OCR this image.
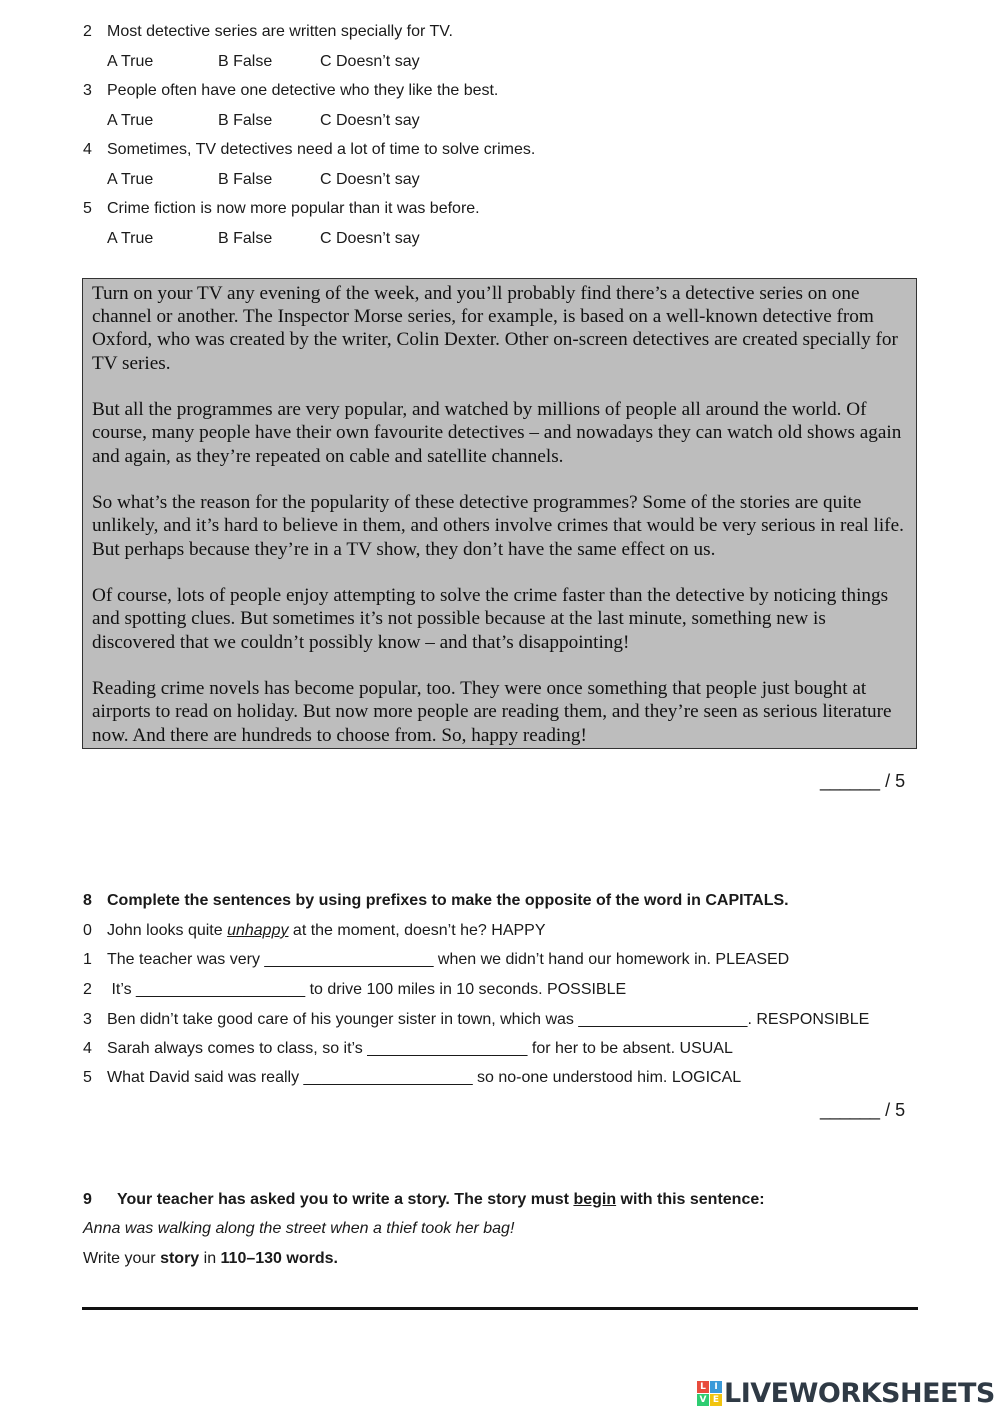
2 Most detective series are written specially for TV.
A True	B False	C Doesn’t say
3 People often have one detective who they like the best.
A True	B False	C Doesn’t say
4 Sometimes, TV detectives need a lot of time to solve crimes.
A True	B False	C Doesn’t say
5 Crime fiction is now more popular than it was before.
A True	B False	C Doesn’t say

Turn on your TV any evening of the week, and you’ll probably find there’s a detective series on one channel or another. The Inspector Morse series, for example, is based on a well-known detective from Oxford, who was created by the writer, Colin Dexter. Other on-screen detectives are created specially for TV series.

But all the programmes are very popular, and watched by millions of people all around the world. Of course, many people have their own favourite detectives – and nowadays they can watch old shows again and again, as they’re repeated on cable and satellite channels.

So what’s the reason for the popularity of these detective programmes? Some of the stories are quite unlikely, and it’s hard to believe in them, and others involve crimes that would be very serious in real life. But perhaps because they’re in a TV show, they don’t have the same effect on us.

Of course, lots of people enjoy attempting to solve the crime faster than the detective by noticing things and spotting clues. But sometimes it’s not possible because at the last minute, something new is discovered that we couldn’t possibly know – and that’s disappointing!

Reading crime novels has become popular, too. They were once something that people just bought at airports to read on holiday. But now more people are reading them, and they’re seen as serious literature now. And there are hundreds to choose from. So, happy reading!

______ / 5
8 Complete the sentences by using prefixes to make the opposite of the word in CAPITALS.
0 John looks quite unhappy at the moment, doesn’t he? HAPPY
1 The teacher was very ___________________ when we didn’t hand our homework in. PLEASED
2 It’s ___________________ to drive 100 miles in 10 seconds. POSSIBLE
3 Ben didn’t take good care of his younger sister in town, which was ___________________. RESPONSIBLE
4 Sarah always comes to class, so it’s __________________ for her to be absent. USUAL
5 What David said was really ___________________ so no-one understood him. LOGICAL
______ / 5
9 Your teacher has asked you to write a story. The story must begin with this sentence:
Anna was walking along the street when a thief took her bag!
Write your story in 110–130 words.
L I
V E LIVEWORKSHEETS
